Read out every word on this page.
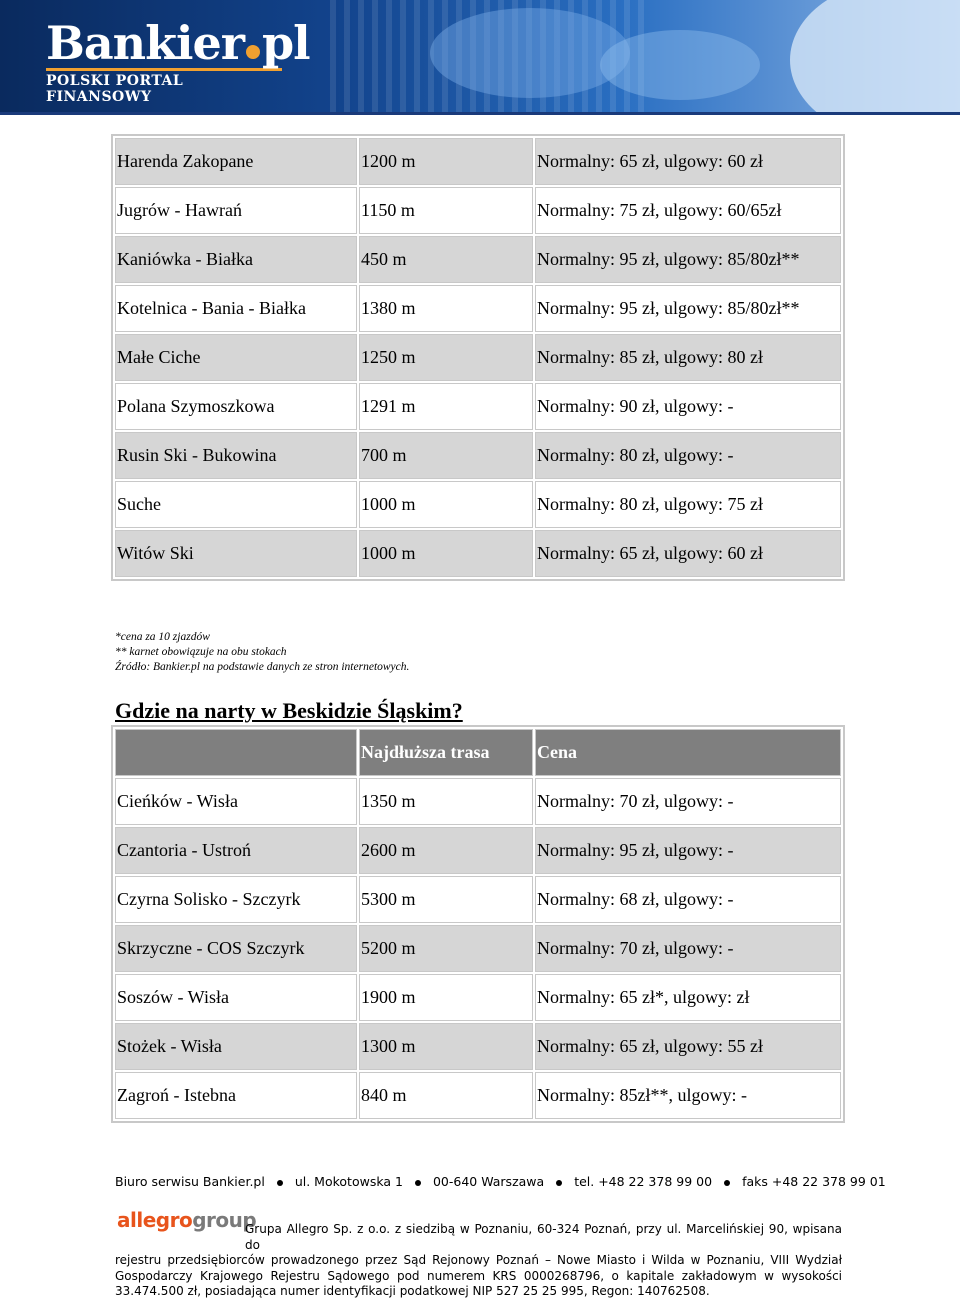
Bankier pl
POLSKI PORTAL FINANSOWY
Harenda Zakopane	1200 m	Normalny: 65 zł, ulgowy: 60 zł
Jugrów - Hawrań	1150 m	Normalny: 75 zł, ulgowy: 60/65zł
Kaniówka - Białka	450 m	Normalny: 95 zł, ulgowy: 85/80zł**
Kotelnica - Bania - Białka	1380 m	Normalny: 95 zł, ulgowy: 85/80zł**
Małe Ciche	1250 m	Normalny: 85 zł, ulgowy: 80 zł
Polana Szymoszkowa	1291 m	Normalny: 90 zł, ulgowy: -
Rusin Ski - Bukowina	700 m	Normalny: 80 zł, ulgowy: -
Suche	1000 m	Normalny: 80 zł, ulgowy: 75 zł
Witów Ski	1000 m	Normalny: 65 zł, ulgowy: 60 zł
*cena za 10 zjazdów
** karnet obowiązuje na obu stokach
Źródło: Bankier.pl na podstawie danych ze stron internetowych.
Gdzie na narty w Beskidzie Śląskim?
	Najdłuższa trasa	Cena
Cieńków - Wisła	1350 m	Normalny: 70 zł, ulgowy: -
Czantoria - Ustroń	2600 m	Normalny: 95 zł, ulgowy: -
Czyrna Solisko - Szczyrk	5300 m	Normalny: 68 zł, ulgowy: -
Skrzyczne - COS Szczyrk	5200 m	Normalny: 70 zł, ulgowy: -
Soszów - Wisła	1900 m	Normalny: 65 zł*, ulgowy: zł
Stożek - Wisła	1300 m	Normalny: 65 zł, ulgowy: 55 zł
Zagroń - Istebna	840 m	Normalny: 85zł**, ulgowy: -
Biuro serwisu Bankier.pl ul. Mokotowska 1 00-640 Warszawa tel. +48 22 378 99 00 faks +48 22 378 99 01
allegrogroup
Grupa Allegro Sp. z o.o. z siedzibą w Poznaniu, 60-324 Poznań, przy ul. Marcelińskiej 90, wpisana do
rejestru przedsiębiorców prowadzonego przez Sąd Rejonowy Poznań – Nowe Miasto i Wilda w Poznaniu, VIII Wydział Gospodarczy Krajowego Rejestru Sądowego pod numerem KRS 0000268796, o kapitale zakładowym w wysokości 33.474.500 zł, posiadająca numer identyfikacji podatkowej NIP 527 25 25 995, Regon: 140762508.
